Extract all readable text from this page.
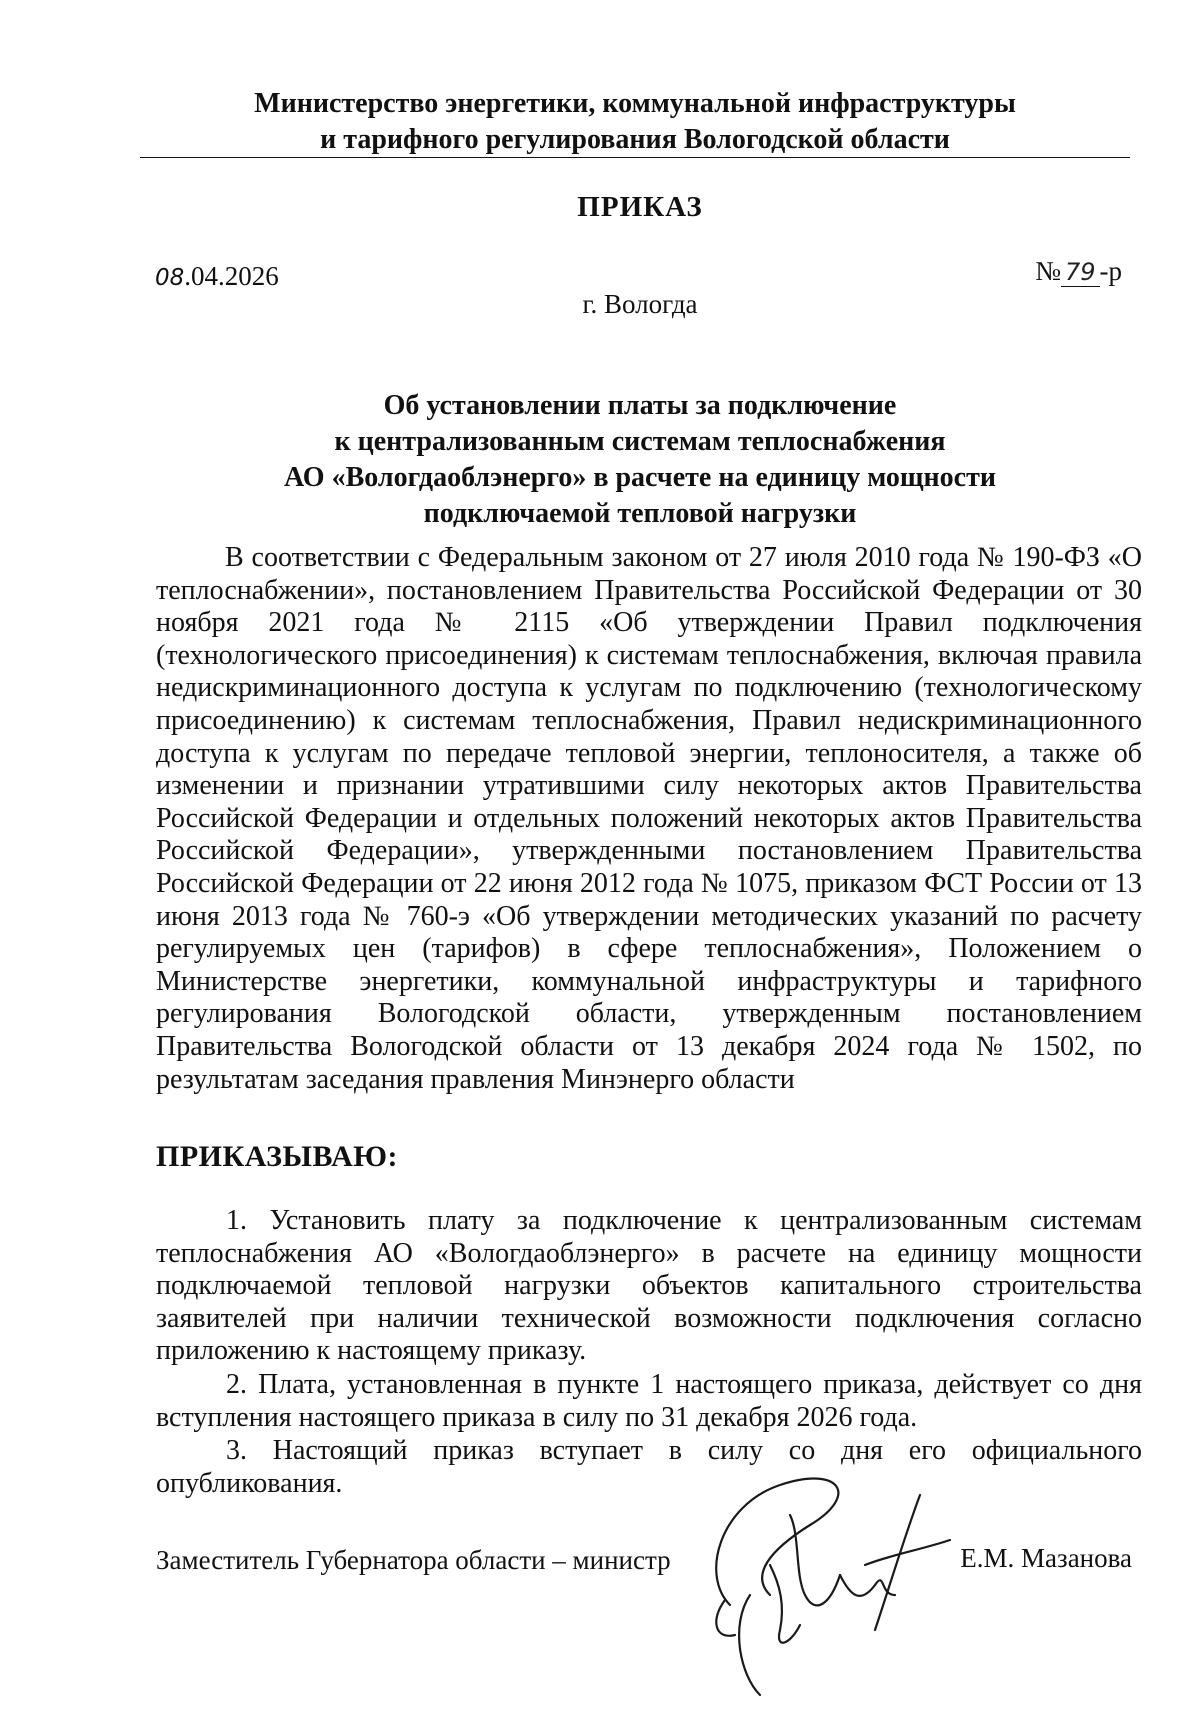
Министерство энергетики, коммунальной инфраструктуры
и тарифного регулирования Вологодской области
ПРИКАЗ
08.04.2026	№ 79 -р
г. Вологда
Об установлении платы за подключение
к централизованным системам теплоснабжения
АО «Вологдаоблэнерго» в расчете на единицу мощности
подключаемой тепловой нагрузки
В соответствии с Федеральным законом от 27 июля 2010 года № 190-ФЗ «О теплоснабжении», постановлением Правительства Российской Федерации от 30 ноября 2021 года № 2115 «Об утверждении Правил подключения (технологического присоединения) к системам теплоснабжения, включая правила недискриминационного доступа к услугам по подключению (технологическому присоединению) к системам теплоснабжения, Правил недискриминационного доступа к услугам по передаче тепловой энергии, теплоносителя, а также об изменении и признании утратившими силу некоторых актов Правительства Российской Федерации и отдельных положений некоторых актов Правительства Российской Федерации», утвержденными постановлением Правительства Российской Федерации от 22 июня 2012 года № 1075, приказом ФСТ России от 13 июня 2013 года № 760-э «Об утверждении методических указаний по расчету регулируемых цен (тарифов) в сфере теплоснабжения», Положением о Министерстве энергетики, коммунальной инфраструктуры и тарифного регулирования Вологодской области, утвержденным постановлением Правительства Вологодской области от 13 декабря 2024 года № 1502, по результатам заседания правления Минэнерго области
ПРИКАЗЫВАЮ:

1. Установить плату за подключение к централизованным системам теплоснабжения АО «Вологдаоблэнерго» в расчете на единицу мощности подключаемой тепловой нагрузки объектов капитального строительства заявителей при наличии технической возможности подключения согласно приложению к настоящему приказу.

2. Плата, установленная в пункте 1 настоящего приказа, действует со дня вступления настоящего приказа в силу по 31 декабря 2026 года.

3. Настоящий приказ вступает в силу со дня его официального опубликования.

Заместитель Губернатора области – министр	Е.М. Мазанова
